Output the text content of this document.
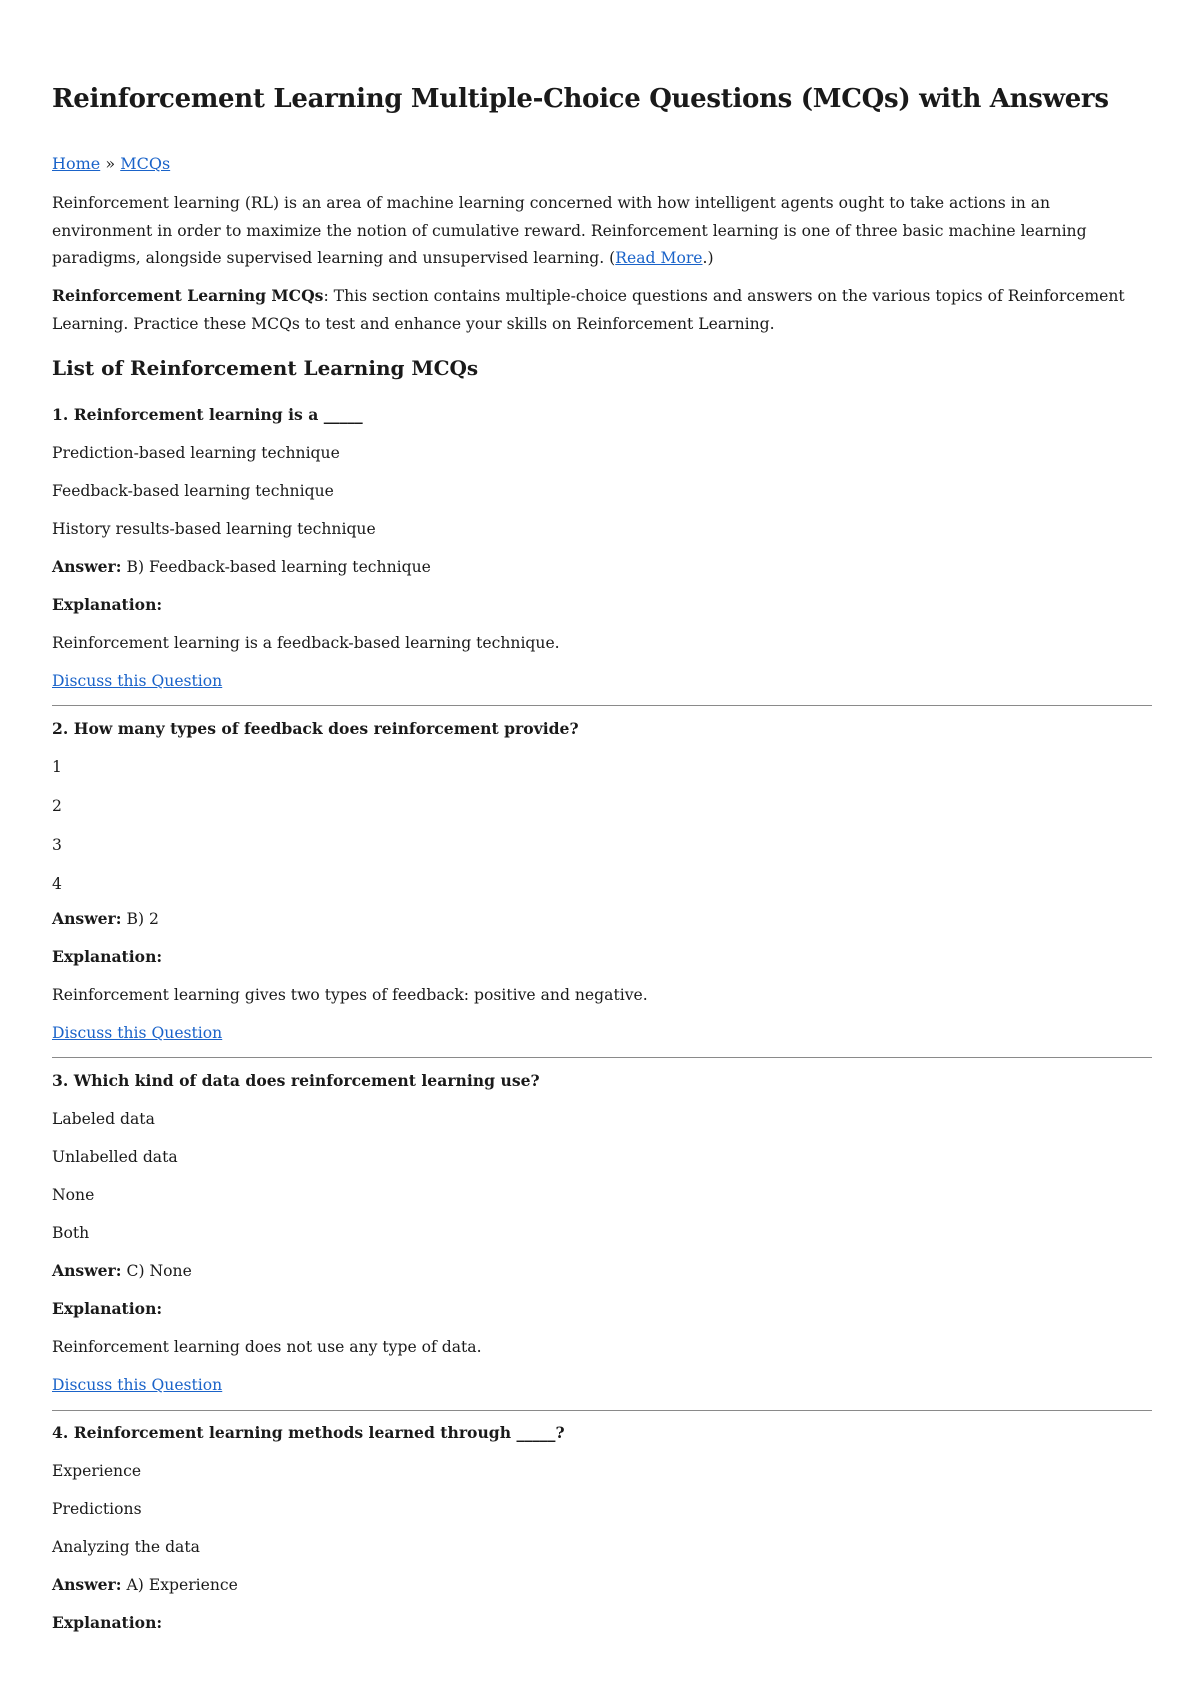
Reinforcement Learning Multiple-Choice Questions (MCQs) with Answers
Home » MCQs

Reinforcement learning (RL) is an area of machine learning concerned with how intelligent agents ought to take actions in an environment in order to maximize the notion of cumulative reward. Reinforcement learning is one of three basic machine learning paradigms, alongside supervised learning and unsupervised learning. (Read More.)

Reinforcement Learning MCQs: This section contains multiple-choice questions and answers on the various topics of Reinforcement Learning. Practice these MCQs to test and enhance your skills on Reinforcement Learning.

List of Reinforcement Learning MCQs
1. Reinforcement learning is a _____
Prediction-based learning technique
Feedback-based learning technique
History results-based learning technique
Answer: B) Feedback-based learning technique
Explanation:
Reinforcement learning is a feedback-based learning technique.
Discuss this Question
2. How many types of feedback does reinforcement provide?
1
2
3
4
Answer: B) 2
Explanation:
Reinforcement learning gives two types of feedback: positive and negative.
Discuss this Question
3. Which kind of data does reinforcement learning use?
Labeled data
Unlabelled data
None
Both
Answer: C) None
Explanation:
Reinforcement learning does not use any type of data.
Discuss this Question
4. Reinforcement learning methods learned through _____?
Experience
Predictions
Analyzing the data
Answer: A) Experience
Explanation:
